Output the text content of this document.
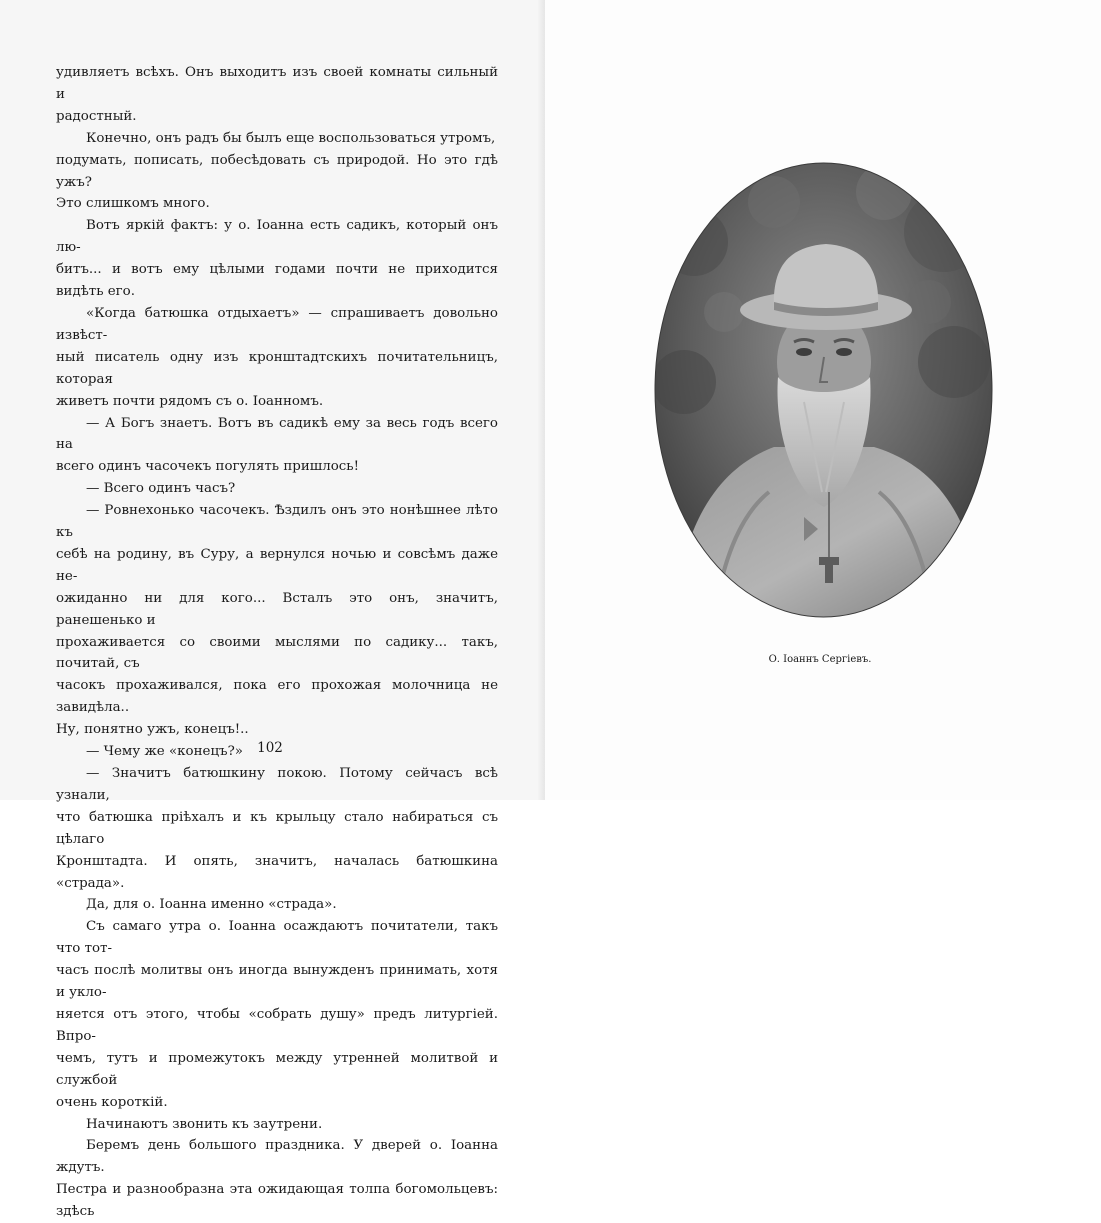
удивляетъ всѣхъ. Онъ выходитъ изъ своей комнаты сильный и

радостный.

Конечно, онъ радъ бы былъ еще воспользоваться утромъ,

подумать, пописать, побесѣдовать съ природой. Но это гдѣ ужъ?

Это слишкомъ много.

Вотъ яркій фактъ: у о. Іоанна есть садикъ, который онъ лю-

битъ... и вотъ ему цѣлыми годами почти не приходится видѣть его.

«Когда батюшка отдыхаетъ» — спрашиваетъ довольно извѣст-

ный писатель одну изъ кронштадтскихъ почитательницъ, которая

живетъ почти рядомъ съ о. Іоанномъ.

— А Богъ знаетъ. Вотъ въ садикѣ ему за весь годъ всего на

всего одинъ часочекъ погулять пришлось!

— Всего одинъ часъ?

— Ровнехонько часочекъ. Ѣздилъ онъ это нонѣшнее лѣто къ

себѣ на родину, въ Суру, а вернулся ночью и совсѣмъ даже не-

ожиданно ни для кого... Всталъ это онъ, значитъ, ранешенько и

прохаживается со своими мыслями по садику... такъ, почитай, съ

часокъ прохаживался, пока его прохожая молочница не завидѣла..

Ну, понятно ужъ, конецъ!..

— Чему же «конецъ?»

— Значитъ батюшкину покою. Потому сейчасъ всѣ узнали,

что батюшка пріѣхалъ и къ крыльцу стало набираться съ цѣлаго

Кронштадта. И опять, значитъ, началась батюшкина «страда».

Да, для о. Іоанна именно «страда».

Съ самаго утра о. Іоанна осаждаютъ почитатели, такъ что тот-

часъ послѣ молитвы онъ иногда вынужденъ принимать, хотя и укло-

няется отъ этого, чтобы «собрать душу» предъ литургіей. Впро-

чемъ, тутъ и промежутокъ между утренней молитвой и службой

очень короткій.

Начинаютъ звонить къ заутрени.

Беремъ день большого праздника. У дверей о. Іоанна ждутъ.

Пестра и разнообразна эта ожидающая толпа богомольцевъ: здѣсь

102
О. Іоаннъ Сергіевъ.
